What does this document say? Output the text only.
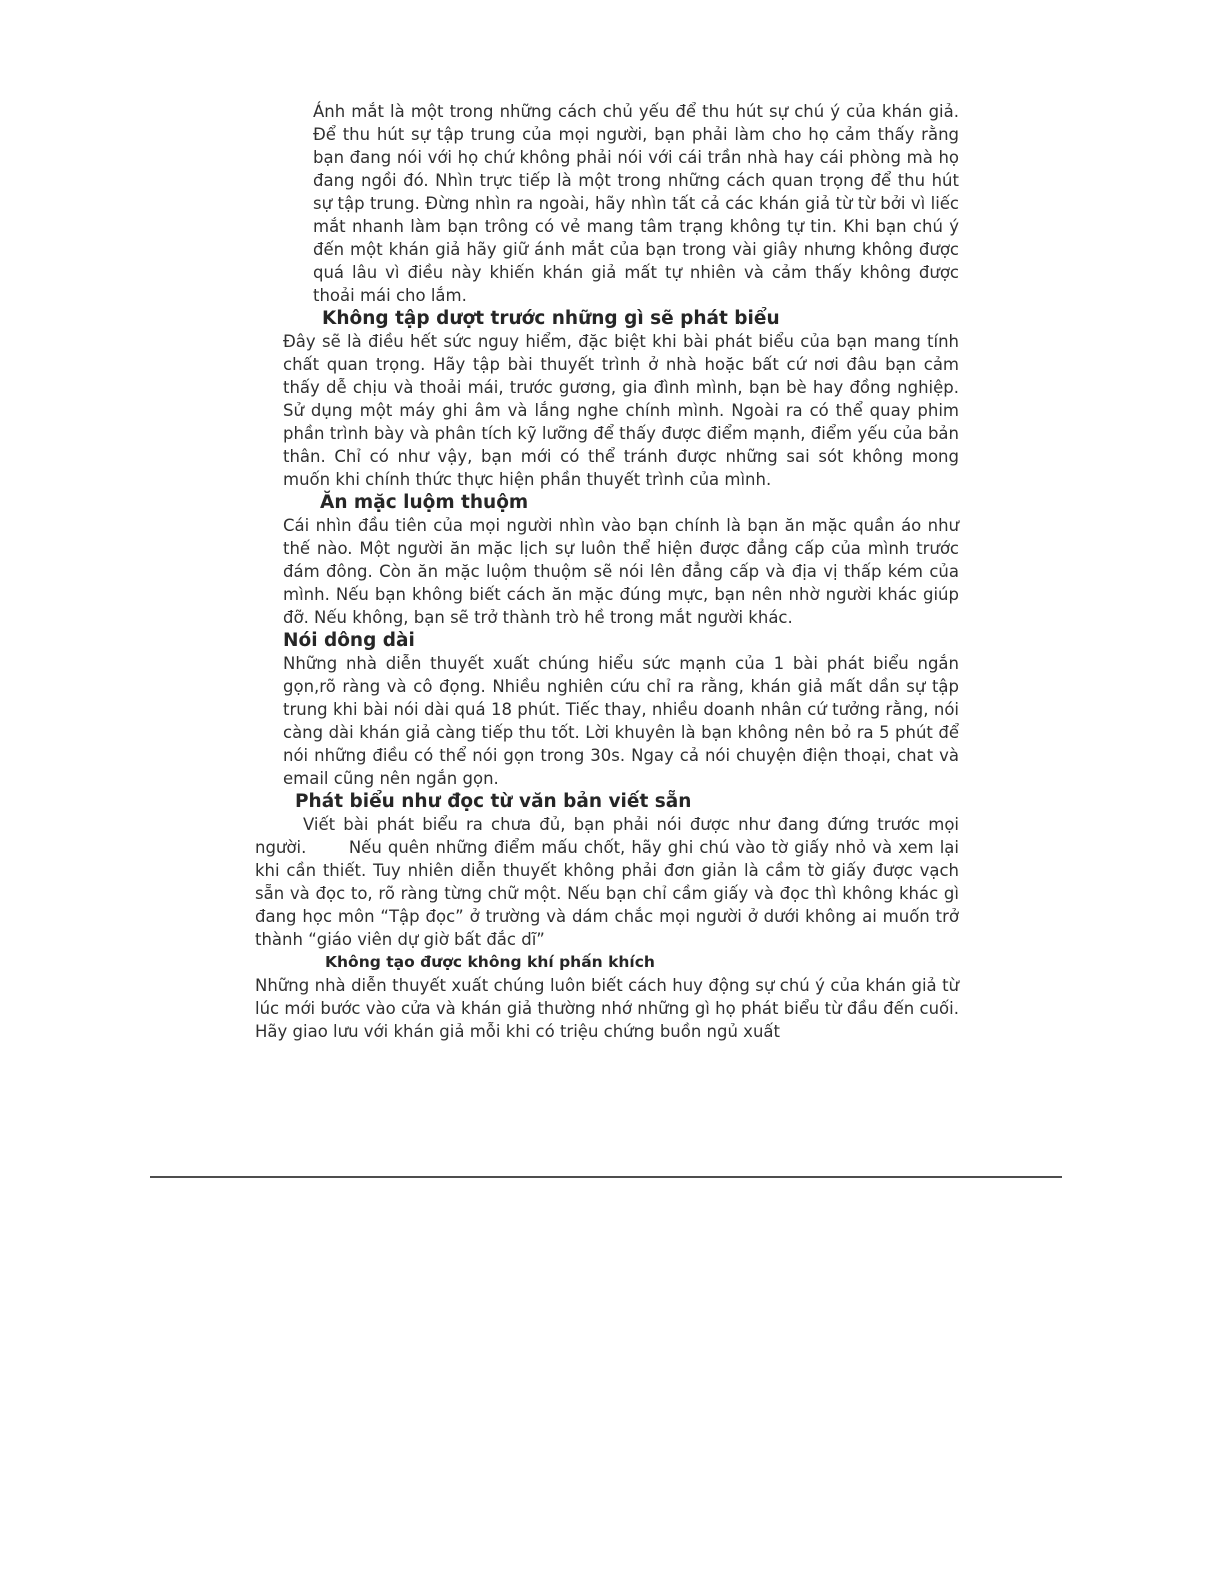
Ánh mắt là một trong những cách chủ yếu để thu hút sự chú ý của khán giả. Để thu hút sự tập trung của mọi người, bạn phải làm cho họ cảm thấy rằng bạn đang nói với họ chứ không phải nói với cái trần nhà hay cái phòng mà họ đang ngồi đó. Nhìn trực tiếp là một trong những cách quan trọng để thu hút sự tập trung. Đừng nhìn ra ngoài, hãy nhìn tất cả các khán giả từ từ bởi vì liếc mắt nhanh làm bạn trông có vẻ mang tâm trạng không tự tin. Khi bạn chú ý đến một khán giả hãy giữ ánh mắt của bạn trong vài giây nhưng không được quá lâu vì điều này khiến khán giả mất tự nhiên và cảm thấy không được thoải mái cho lắm.

Không tập dượt trước những gì sẽ phát biểu

Đây sẽ là điều hết sức nguy hiểm, đặc biệt khi bài phát biểu của bạn mang tính chất quan trọng. Hãy tập bài thuyết trình ở nhà hoặc bất cứ nơi đâu bạn cảm thấy dễ chịu và thoải mái, trước gương, gia đình mình, bạn bè hay đồng nghiệp. Sử dụng một máy ghi âm và lắng nghe chính mình. Ngoài ra có thể quay phim phần trình bày và phân tích kỹ lưỡng để thấy được điểm mạnh, điểm yếu của bản thân. Chỉ có như vậy, bạn mới có thể tránh được những sai sót không mong muốn khi chính thức thực hiện phần thuyết trình của mình.

Ăn mặc luộm thuộm

Cái nhìn đầu tiên của mọi người nhìn vào bạn chính là bạn ăn mặc quần áo như thế nào. Một người ăn mặc lịch sự luôn thể hiện được đẳng cấp của mình trước đám đông. Còn ăn mặc luộm thuộm sẽ nói lên đẳng cấp và địa vị thấp kém của mình. Nếu bạn không biết cách ăn mặc đúng mực, bạn nên nhờ người khác giúp đỡ. Nếu không, bạn sẽ trở thành trò hề trong mắt người khác.

Nói dông dài

Những nhà diễn thuyết xuất chúng hiểu sức mạnh của 1 bài phát biểu ngắn gọn,rõ ràng và cô đọng. Nhiều nghiên cứu chỉ ra rằng, khán giả mất dần sự tập trung khi bài nói dài quá 18 phút. Tiếc thay, nhiều doanh nhân cứ tưởng rằng, nói càng dài khán giả càng tiếp thu tốt. Lời khuyên là bạn không nên bỏ ra 5 phút để nói những điều có thể nói gọn trong 30s. Ngay cả nói chuyện điện thoại, chat và email cũng nên ngắn gọn.

Phát biểu như đọc từ văn bản viết sẵn

Viết bài phát biểu ra chưa đủ, bạn phải nói được như đang đứng trước mọi người.       Nếu quên những điểm mấu chốt, hãy ghi chú vào tờ giấy nhỏ và xem lại khi cần thiết. Tuy nhiên diễn thuyết không phải đơn giản là cầm tờ giấy được vạch sẵn và đọc to, rõ ràng từng chữ một. Nếu bạn chỉ cầm giấy và đọc thì không khác gì đang học môn “Tập đọc” ở trường và dám chắc mọi người ở dưới không ai muốn trở thành “giáo viên dự giờ bất đắc dĩ”

Không tạo được không khí phấn khích

Những nhà diễn thuyết xuất chúng luôn biết cách huy động sự chú ý của khán giả từ lúc mới bước vào cửa và khán giả thường nhớ những gì họ phát biểu từ đầu đến cuối. Hãy giao lưu với khán giả mỗi khi có triệu chứng buồn ngủ xuất
